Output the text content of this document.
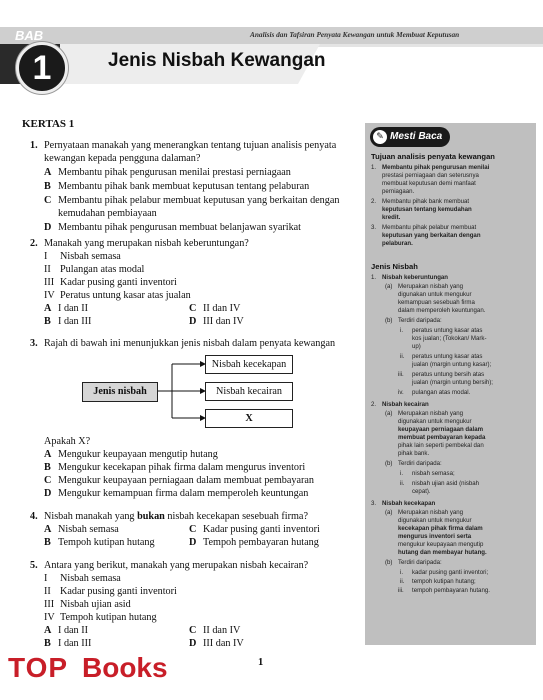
BAB	Analisis dan Tafsiran Penyata Kewangan untuk Membuat Keputusan
1	Jenis Nisbah Kewangan
KERTAS 1
1. Pernyataan manakah yang menerangkan tentang tujuan analisis penyata
kewangan kepada pengguna dalaman?
A Membantu pihak pengurusan menilai prestasi perniagaan
B Membantu pihak bank membuat keputusan tentang pelaburan
C Membantu pihak pelabur membuat keputusan yang berkaitan dengan
kemudahan pembiayaan
D Membantu pihak pengurusan membuat belanjawan syarikat
2. Manakah yang merupakan nisbah keberuntungan?
I Nisbah semasa
II Pulangan atas modal
III Kadar pusing ganti inventori
IV Peratus untung kasar atas jualan
A I dan II
B I dan III
C II dan IV
D III dan IV
3. Rajah di bawah ini menunjukkan jenis nisbah dalam penyata kewangan
Jenis nisbah
Nisbah kecekapan
Nisbah kecairan
X
Apakah X?
A Mengukur keupayaan mengutip hutang
B Mengukur kecekapan pihak firma dalam mengurus inventori
C Mengukur keupayaan perniagaan dalam membuat pembayaran
D Mengukur kemampuan firma dalam memperoleh keuntungan
4. Nisbah manakah yang bukan nisbah kecekapan sesebuah firma?
A Nisbah semasa
B Tempoh kutipan hutang
C Kadar pusing ganti inventori
D Tempoh pembayaran hutang
5. Antara yang berikut, manakah yang merupakan nisbah kecairan?
I Nisbah semasa
II Kadar pusing ganti inventori
III Nisbah ujian asid
IV Tempoh kutipan hutang
A I dan II
B I dan III
C II dan IV
D III dan IV
✎ Mesti Baca
Tujuan analisis penyata kewangan
1. Membantu pihak pengurusan menilai
prestasi perniagaan dan seterusnya
membuat keputusan demi manfaat
perniagaan.
2. Membantu pihak bank membuat
keputusan tentang kemudahan
kredit.
3. Membantu pihak pelabur membuat
keputusan yang berkaitan dengan
pelaburan.
Jenis Nisbah
1. Nisbah keberuntungan
(a) Merupakan nisbah yang
digunakan untuk mengukur
kemampuan sesebuah firma
dalam memperoleh keuntungan.
(b) Terdiri daripada:
i. peratus untung kasar atas
kos jualan; (Tokokan/ Mark-
up)
ii. peratus untung kasar atas
jualan (margin untung kasar);
iii. peratus untung bersih atas
jualan (margin untung bersih);
iv. pulangan atas modal.
2. Nisbah kecairan
(a) Merupakan nisbah yang
digunakan untuk mengukur
keupayaan perniagaan dalam
membuat pembayaran kepada
pihak lain seperti pembekal dan
pihak bank.
(b) Terdiri daripada:
i. nisbah semasa;
ii. nisbah ujian asid (nisbah
cepat).
3. Nisbah kecekapan
(a) Merupakan nisbah yang
digunakan untuk mengukur
kecekapan pihak firma dalam
mengurus inventori serta
mengukur keupayaan mengutip
hutang dan membayar hutang.
(b) Terdiri daripada:
i. kadar pusing ganti inventori;
ii. tempoh kutipan hutang;
iii. tempoh pembayaran hutang.
TOP Books	1
